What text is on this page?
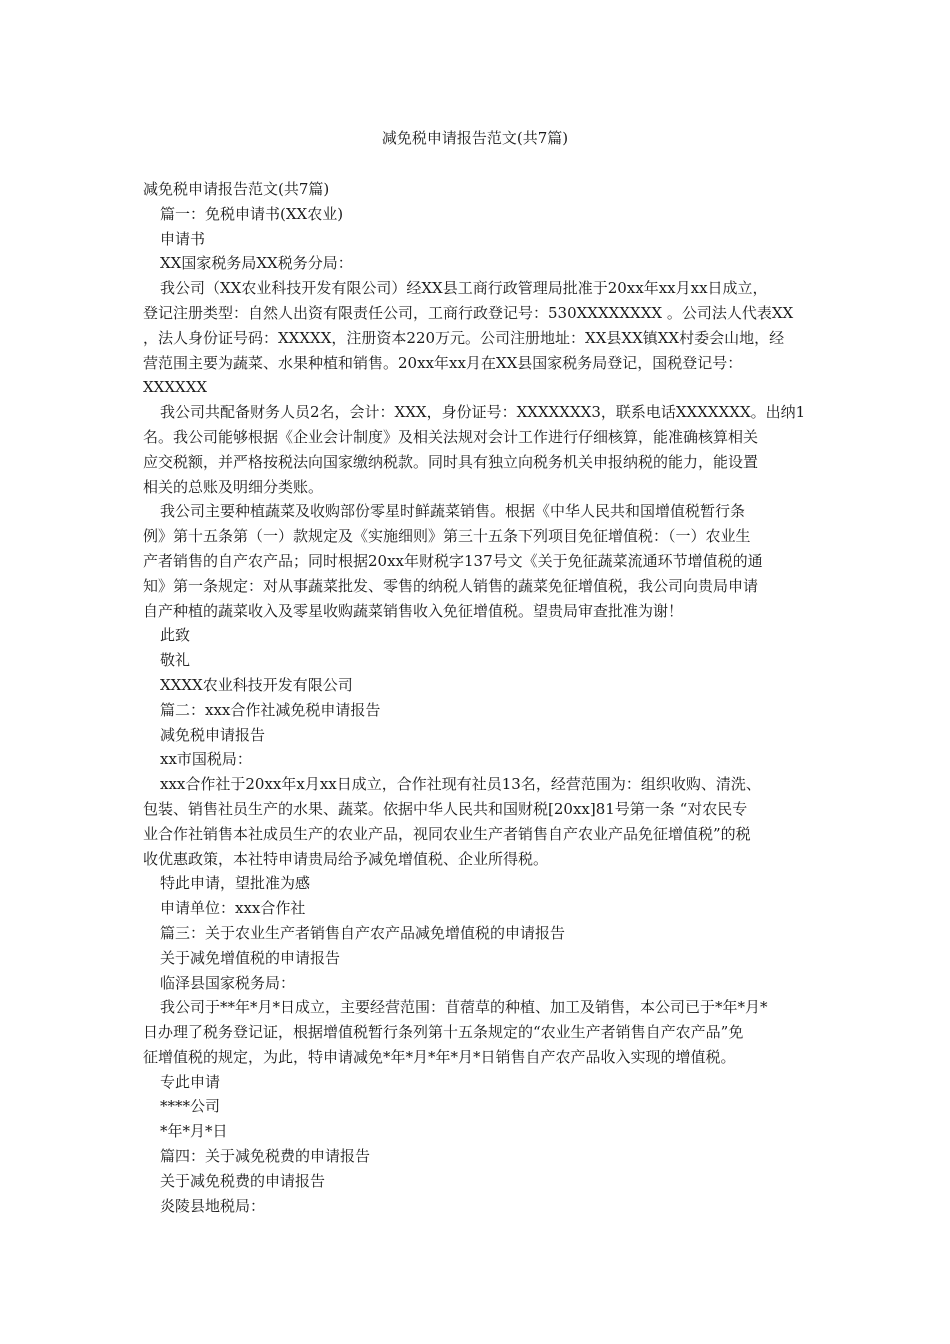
减免税申请报告范文(共7篇)

减免税申请报告范文(共7篇)

篇一：免税申请书(XX农业)

申请书

XX国家税务局XX税务分局：

我公司（XX农业科技开发有限公司）经XX县工商行政管理局批准于20xx年xx月xx日成立，

登记注册类型：自然人出资有限责任公司，工商行政登记号：530XXXXXXXX 。公司法人代表XX

，法人身份证号码：XXXXX，注册资本220万元。公司注册地址：XX县XX镇XX村委会山地，经

营范围主要为蔬菜、水果种植和销售。20xx年xx月在XX县国家税务局登记，国税登记号：

XXXXXX

我公司共配备财务人员2名，会计：XXX，身份证号：XXXXXXX3，联系电话XXXXXXX。出纳1

名。我公司能够根据《企业会计制度》及相关法规对会计工作进行仔细核算，能准确核算相关

应交税额，并严格按税法向国家缴纳税款。同时具有独立向税务机关申报纳税的能力，能设置

相关的总账及明细分类账。

我公司主要种植蔬菜及收购部份零星时鲜蔬菜销售。根据《中华人民共和国增值税暂行条

例》第十五条第（一）款规定及《实施细则》第三十五条下列项目免征增值税：（一）农业生

产者销售的自产农产品；同时根据20xx年财税字137号文《关于免征蔬菜流通环节增值税的通

知》第一条规定：对从事蔬菜批发、零售的纳税人销售的蔬菜免征增值税，我公司向贵局申请

自产种植的蔬菜收入及零星收购蔬菜销售收入免征增值税。望贵局审查批准为谢！

此致

敬礼

XXXX农业科技开发有限公司

篇二：xxx合作社减免税申请报告

减免税申请报告

xx市国税局：

xxx合作社于20xx年x月xx日成立，合作社现有社员13名，经营范围为：组织收购、清洗、

包装、销售社员生产的水果、蔬菜。依据中华人民共和国财税[20xx]81号第一条 “对农民专

业合作社销售本社成员生产的农业产品，视同农业生产者销售自产农业产品免征增值税”的税

收优惠政策，本社特申请贵局给予减免增值税、企业所得税。

特此申请，望批准为感

申请单位：xxx合作社

篇三：关于农业生产者销售自产农产品减免增值税的申请报告

关于减免增值税的申请报告

临泽县国家税务局：

我公司于**年*月*日成立，主要经营范围：苜蓿草的种植、加工及销售，本公司已于*年*月*

日办理了税务登记证，根据增值税暂行条列第十五条规定的“农业生产者销售自产农产品”免

征增值税的规定，为此，特申请减免*年*月*年*月*日销售自产农产品收入实现的增值税。

专此申请

****公司

*年*月*日

篇四：关于减免税费的申请报告

关于减免税费的申请报告

炎陵县地税局：
